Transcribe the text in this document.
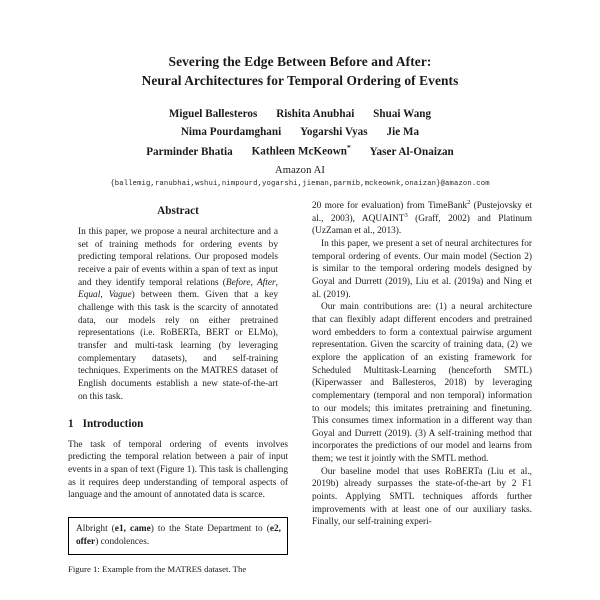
Severing the Edge Between Before and After:
Neural Architectures for Temporal Ordering of Events
Miguel Ballesteros Rishita Anubhai Shuai Wang
Nima Pourdamghani Yogarshi Vyas Jie Ma
Parminder Bhatia Kathleen McKeown* Yaser Al-Onaizan
Amazon AI
{ballemig,ranubhai,wshui,nimpourd,yogarshi,jieman,parmib,mckeownk,onaizan}@amazon.com
Abstract

In this paper, we propose a neural architecture and a set of training methods for ordering events by predicting temporal relations. Our proposed models receive a pair of events within a span of text as input and they identify temporal relations (Before, After, Equal, Vague) between them. Given that a key challenge with this task is the scarcity of annotated data, our models rely on either pretrained representations (i.e. RoBERTa, BERT or ELMo), transfer and multi-task learning (by leveraging complementary datasets), and self-training techniques. Experiments on the MATRES dataset of English documents establish a new state-of-the-art on this task.

1 Introduction

The task of temporal ordering of events involves predicting the temporal relation between a pair of input events in a span of text (Figure 1). This task is challenging as it requires deep understanding of temporal aspects of language and the amount of annotated data is scarce.

Albright (e1, came) to the State Department to (e2, offer) condolences.

Figure 1: Example from the MATRES dataset. The

20 more for evaluation) from TimeBank$^2$ (Pustejovsky et al., 2003), AQUAINT$^3$ (Graff, 2002) and Platinum (UzZaman et al., 2013).

In this paper, we present a set of neural architectures for temporal ordering of events. Our main model (Section 2) is similar to the temporal ordering models designed by Goyal and Durrett (2019), Liu et al. (2019a) and Ning et al. (2019).

Our main contributions are: (1) a neural architecture that can flexibly adapt different encoders and pretrained word embedders to form a contextual pairwise argument representation. Given the scarcity of training data, (2) we explore the application of an existing framework for Scheduled Multitask-Learning (henceforth SMTL) (Kiperwasser and Ballesteros, 2018) by leveraging complementary (temporal and non temporal) information to our models; this imitates pretraining and finetuning. This consumes timex information in a different way than Goyal and Durrett (2019). (3) A self-training method that incorporates the predictions of our model and learns from them; we test it jointly with the SMTL method.

Our baseline model that uses RoBERTa (Liu et al., 2019b) already surpasses the state-of-the-art by 2 F1 points. Applying SMTL techniques affords further improvements with at least one of our auxiliary tasks. Finally, our self-training experi-
